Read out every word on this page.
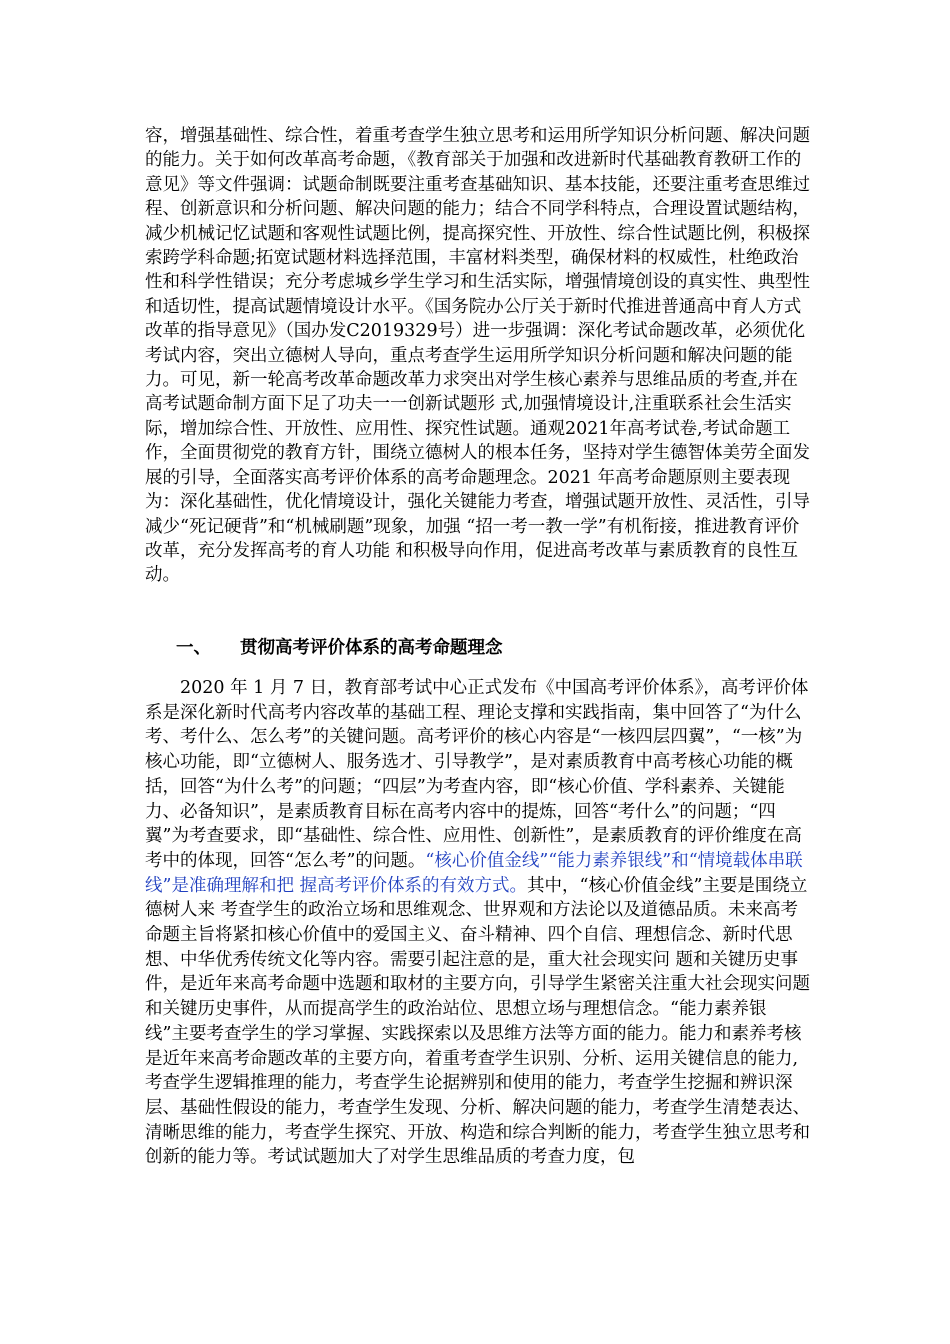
容，增强基础性、综合性，着重考查学生独立思考和运用所学知识分析问题、解决问题的能力。关于如何改革高考命题，《教育部关于加强和改进新时代基础教育教研工作的意见》等文件强调：试题命制既要注重考查基础知识、基本技能，还要注重考查思维过程、创新意识和分析问题、解决问题的能力；结合不同学科特点，合理设置试题结构，减少机械记忆试题和客观性试题比例，提高探究性、开放性、综合性试题比例，积极探索跨学科命题;拓宽试题材料选择范围，丰富材料类型，确保材料的权威性，杜绝政治性和科学性错误；充分考虑城乡学生学习和生活实际，增强情境创设的真实性、典型性和适切性，提高试题情境设计水平。《国务院办公厅关于新时代推进普通高中育人方式改革的指导意见》（国办发C2019329号）进一步强调：深化考试命题改革，必须优化考试内容，突出立德树人导向，重点考查学生运用所学知识分析问题和解决问题的能力。可见，新一轮高考改革命题改革力求突出对学生核心素养与思维品质的考查,并在高考试题命制方面下足了功夫一一创新试题形 式,加强情境设计,注重联系社会生活实际，增加综合性、开放性、应用性、探究性试题。通观2021年高考试卷,考试命题工作，全面贯彻党的教育方针，围绕立德树人的根本任务，坚持对学生德智体美劳全面发展的引导，全面落实高考评价体系的高考命题理念。2021 年高考命题原则主要表现为：深化基础性，优化情境设计，强化关键能力考查，增强试题开放性、灵活性，引导减少“死记硬背”和“机械刷题”现象，加强 “招一考一教一学”有机衔接，推进教育评价改革，充分发挥高考的育人功能 和积极导向作用，促进高考改革与素质教育的良性互动。
一、 贯彻高考评价体系的高考命题理念
2020 年 1 月 7 日，教育部考试中心正式发布《中国高考评价体系》，高考评价体系是深化新时代高考内容改革的基础工程、理论支撑和实践指南，集中回答了“为什么考、考什么、怎么考”的关键问题。高考评价的核心内容是“一核四层四翼”，“一核”为核心功能，即“立德树人、服务选才、引导教学”，是对素质教育中高考核心功能的概括，回答“为什么考”的问题；“四层”为考查内容，即“核心价值、学科素养、关键能力、必备知识”，是素质教育目标在高考内容中的提炼，回答“考什么”的问题；“四翼”为考查要求，即“基础性、综合性、应用性、创新性”，是素质教育的评价维度在高考中的体现，回答“怎么考”的问题。“核心价值金线”“能力素养银线”和“情境载体串联线”是准确理解和把 握高考评价体系的有效方式。其中，“核心价值金线”主要是围绕立德树人来 考查学生的政治立场和思维观念、世界观和方法论以及道德品质。未来高考命题主旨将紧扣核心价值中的爱国主义、奋斗精神、四个自信、理想信念、新时代思想、中华优秀传统文化等内容。需要引起注意的是，重大社会现实问 题和关键历史事件，是近年来高考命题中选题和取材的主要方向，引导学生紧密关注重大社会现实问题和关键历史事件，从而提高学生的政治站位、思想立场与理想信念。“能力素养银线”主要考查学生的学习掌握、实践探索以及思维方法等方面的能力。能力和素养考核是近年来高考命题改革的主要方向，着重考查学生识别、分析、运用关键信息的能力,考查学生逻辑推理的能力，考查学生论据辨别和使用的能力，考查学生挖掘和辨识深层、基础性假设的能力，考查学生发现、分析、解决问题的能力，考查学生清楚表达、清晰思维的能力，考查学生探究、开放、构造和综合判断的能力，考查学生独立思考和创新的能力等。考试试题加大了对学生思维品质的考查力度，包
